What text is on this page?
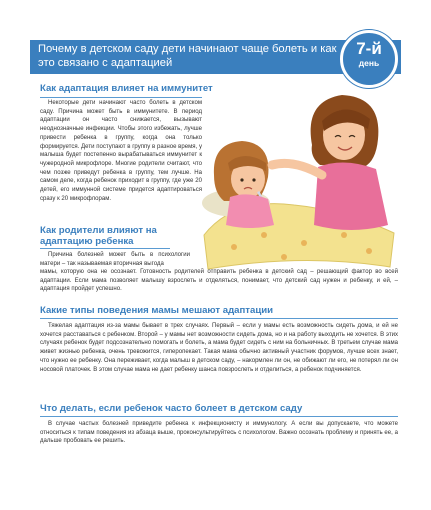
Почему в детском саду дети начинают чаще болеть и как это связано с адаптацией
7-й
день
Как адаптация влияет на иммунитет

Некоторые дети начинают часто болеть в детском саду. Причина может быть в иммунитете. В период адаптации он часто снижается, вызывают неоднозначные инфекции. Чтобы этого избежать, лучше привести ребенка в группу, когда она только формируется. Дети поступают в группу в разное время, у малыша будет постепенно вырабатываться иммунитет к чужеродной микрофлоре. Многие родители считают, что чем позже приведут ребенка в группу, тем лучше. На самом деле, когда ребенок приходит в группу, где уже 20 детей, его иммунной системе придется адаптироваться сразу к 20 микрофлорам.

Как родители влияют на адаптацию ребенка

Причина болезней может быть в психологии матери – так называемая вторичная выгода

мамы, которую она не осознает. Готовность родителей отправить ребенка в детский сад – решающий фактор во всей адаптации. Если мама позволяет малышу взрослеть и отделяться, понимает, что детский сад нужен и ребенку, и ей, – адаптация пройдет успешно.

Какие типы поведения мамы мешают адаптации

Тяжелая адаптация из-за мамы бывает в трех случаях. Первый – если у мамы есть возможность сидеть дома, и ей не хочется расставаться с ребенком. Второй – у мамы нет возможности сидеть дома, но и на работу выходить не хочется. В этих случаях ребенок будет подсознательно помогать и болеть, а мама будет сидеть с ним на больничных. В третьем случае мама живет жизнью ребенка, очень тревожится, гиперопекает. Такая мама обычно активный участник форумов, лучше всех знает, что нужно ее ребенку. Она переживает, когда малыш в детском саду, – накормлен ли он, не обижают ли его, не потерял ли он носовой платочек. В этом случае мама не дает ребенку шанса повзрослеть и отделиться, а ребенок подчиняется.

Что делать, если ребенок часто болеет в детском саду

В случае частых болезней приведите ребенка к инфекционисту и иммунологу. А если вы допускаете, что можете относиться к типам поведения из абзаца выше, проконсультируйтесь с психологом. Важно осознать проблему и принять ее, а дальше пробовать ее решить.
